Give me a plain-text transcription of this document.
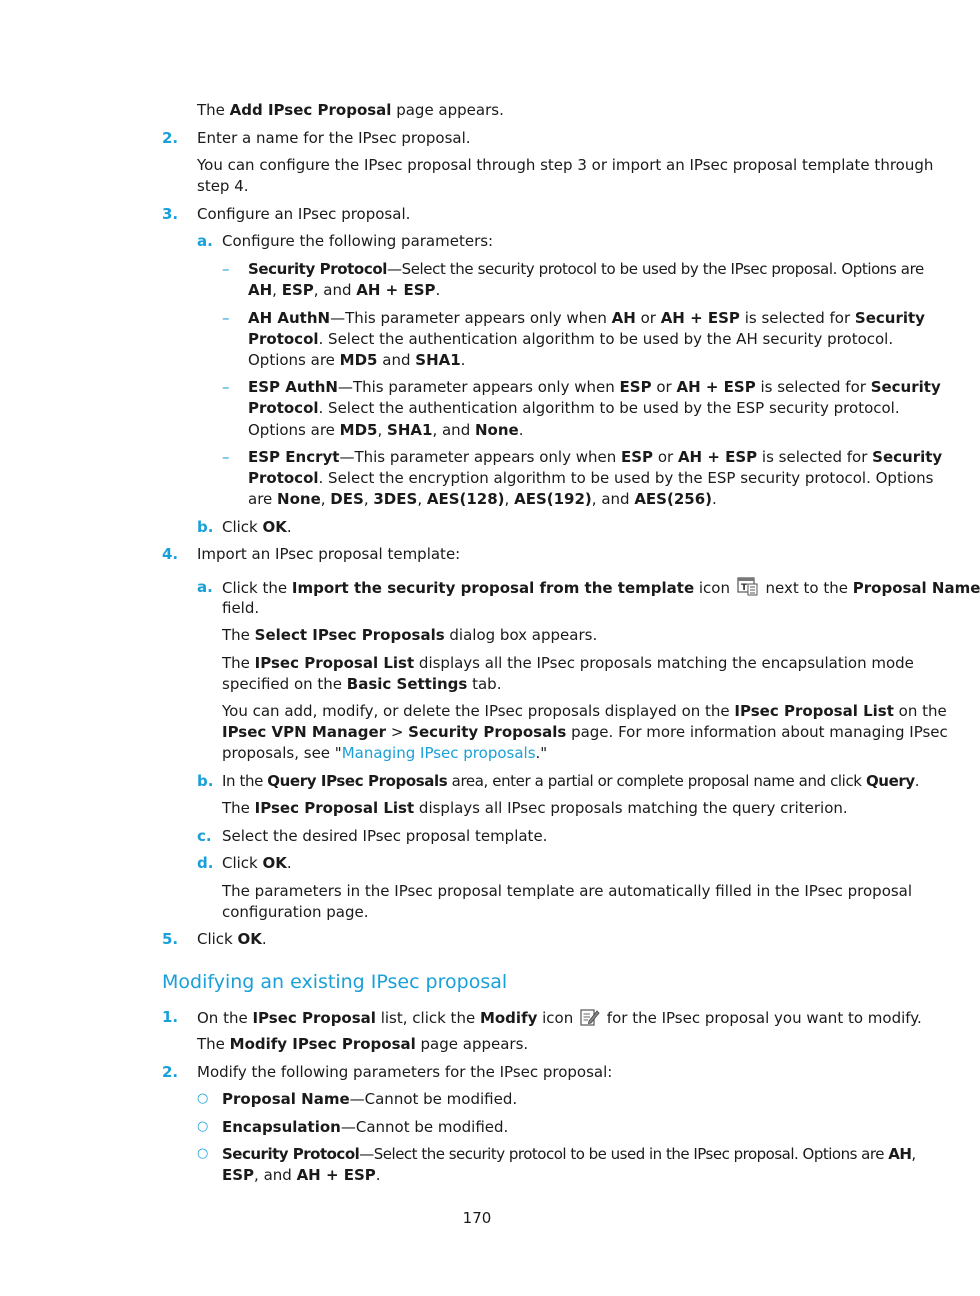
The Add IPsec Proposal page appears.
2. Enter a name for the IPsec proposal.
You can configure the IPsec proposal through step 3 or import an IPsec proposal template through
step 4.
3. Configure an IPsec proposal.
a. Configure the following parameters:
– Security Protocol—Select the security protocol to be used by the IPsec proposal. Options are
AH, ESP, and AH + ESP.
– AH AuthN—This parameter appears only when AH or AH + ESP is selected for Security
Protocol. Select the authentication algorithm to be used by the AH security protocol.
Options are MD5 and SHA1.
– ESP AuthN—This parameter appears only when ESP or AH + ESP is selected for Security
Protocol. Select the authentication algorithm to be used by the ESP security protocol.
Options are MD5, SHA1, and None.
– ESP Encryt—This parameter appears only when ESP or AH + ESP is selected for Security
Protocol. Select the encryption algorithm to be used by the ESP security protocol. Options
are None, DES, 3DES, AES(128), AES(192), and AES(256).
b. Click OK.
4. Import an IPsec proposal template:
a. Click the Import the security proposal from the template icon T next to the Proposal Name
field.
The Select IPsec Proposals dialog box appears.
The IPsec Proposal List displays all the IPsec proposals matching the encapsulation mode
specified on the Basic Settings tab.
You can add, modify, or delete the IPsec proposals displayed on the IPsec Proposal List on the
IPsec VPN Manager > Security Proposals page. For more information about managing IPsec
proposals, see "Managing IPsec proposals."
b. In the Query IPsec Proposals area, enter a partial or complete proposal name and click Query.
The IPsec Proposal List displays all IPsec proposals matching the query criterion.
c. Select the desired IPsec proposal template.
d. Click OK.
The parameters in the IPsec proposal template are automatically filled in the IPsec proposal
configuration page.
5. Click OK.
Modifying an existing IPsec proposal
1. On the IPsec Proposal list, click the Modify icon  for the IPsec proposal you want to modify.
The Modify IPsec Proposal page appears.
2. Modify the following parameters for the IPsec proposal:
○ Proposal Name—Cannot be modified.
○ Encapsulation—Cannot be modified.
○ Security Protocol—Select the security protocol to be used in the IPsec proposal. Options are AH,
ESP, and AH + ESP.
170
